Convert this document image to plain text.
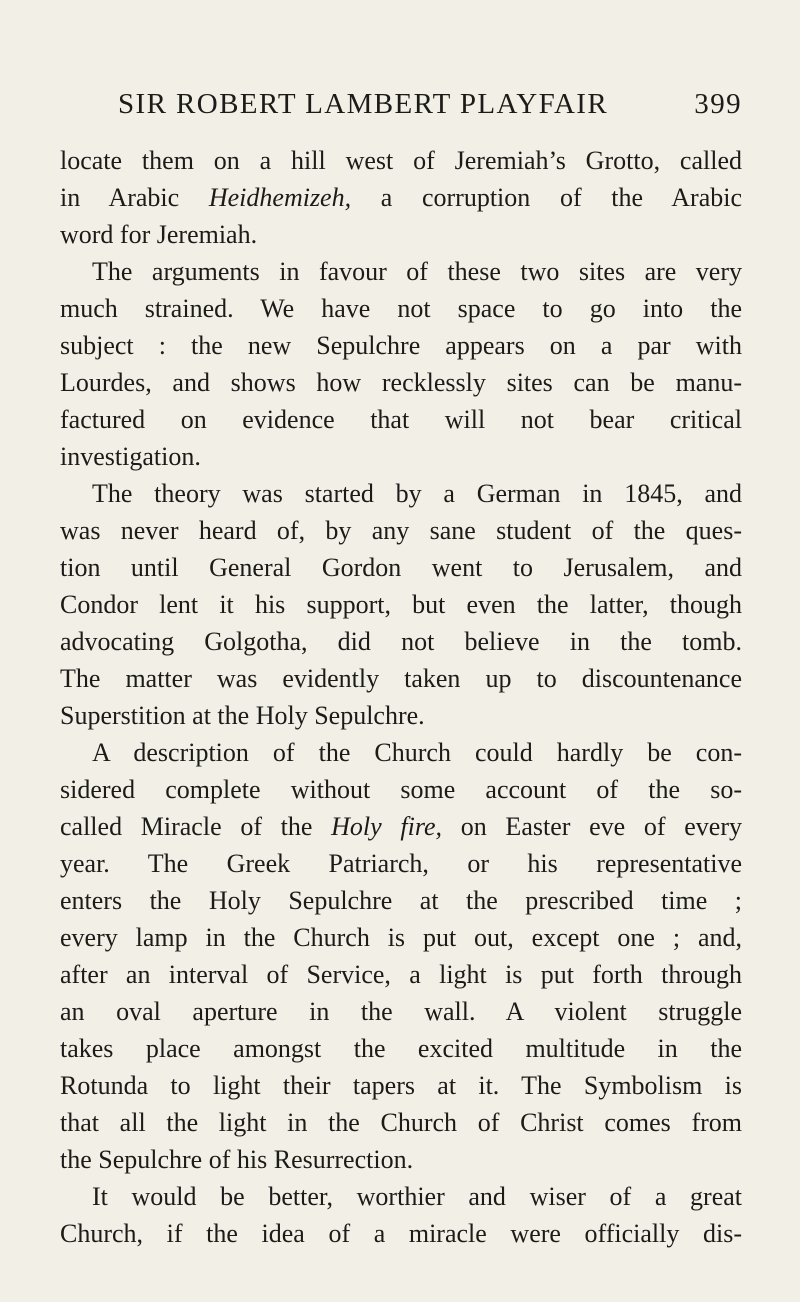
SIR ROBERT LAMBERT PLAYFAIR	399
locate them on a hill west of Jeremiah’s Grotto, called
in Arabic Heidhemizeh, a corruption of the Arabic
word for Jeremiah.
The arguments in favour of these two sites are very
much strained. We have not space to go into the
subject : the new Sepulchre appears on a par with
Lourdes, and shows how recklessly sites can be manu-
factured on evidence that will not bear critical
investigation.
The theory was started by a German in 1845, and
was never heard of, by any sane student of the ques-
tion until General Gordon went to Jerusalem, and
Condor lent it his support, but even the latter, though
advocating Golgotha, did not believe in the tomb.
The matter was evidently taken up to discountenance
Superstition at the Holy Sepulchre.
A description of the Church could hardly be con-
sidered complete without some account of the so-
called Miracle of the Holy fire, on Easter eve of every
year. The Greek Patriarch, or his representative
enters the Holy Sepulchre at the prescribed time ;
every lamp in the Church is put out, except one ; and,
after an interval of Service, a light is put forth through
an oval aperture in the wall. A violent struggle
takes place amongst the excited multitude in the
Rotunda to light their tapers at it. The Symbolism is
that all the light in the Church of Christ comes from
the Sepulchre of his Resurrection.
It would be better, worthier and wiser of a great
Church, if the idea of a miracle were officially dis-
